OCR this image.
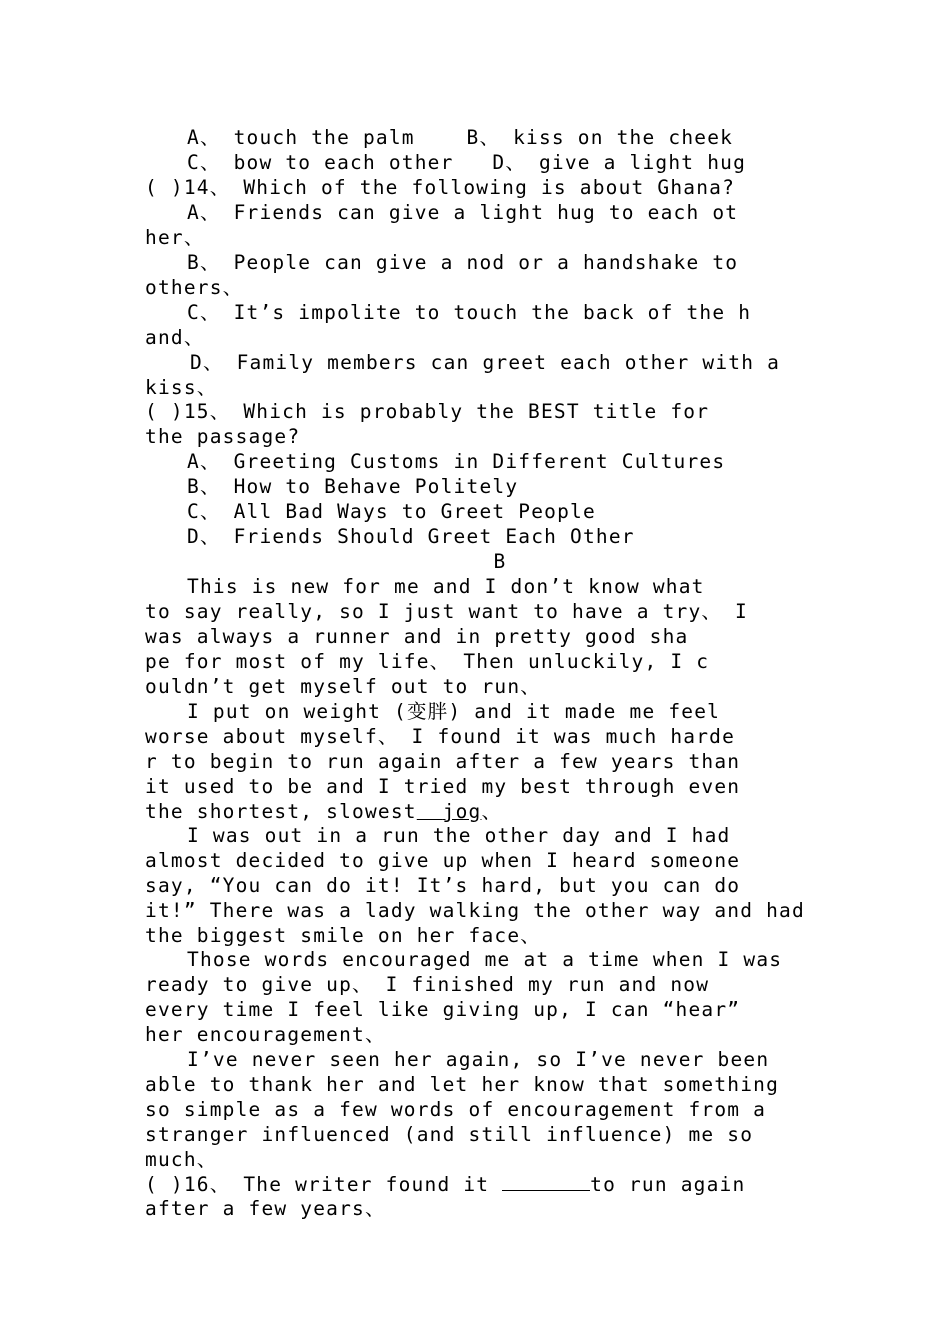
A、 touch the palm	B、 kiss on the cheek
C、 bow to each other D、 give a light hug
( )14、 Which of the following is about Ghana?
A、 Friends can give a light hug to each ot
her、
B、 People can give a nod or a handshake to
others、
C、 It’s impolite to touch the back of the h
and、
D、 Family members can greet each other with a
kiss、
( )15、 Which is probably the BEST title for
the passage?
A、 Greeting Customs in Different Cultures
B、 How to Behave Politely
C、 All Bad Ways to Greet People
D、 Friends Should Greet Each Other
B
This is new for me and I don’t know what
to say really, so I just want to have a try、 I
was always a runner and in pretty good sha
pe for most of my life、 Then unluckily, I c
ouldn’t get myself out to run、
I put on weight (变胖) and it made me feel
worse about myself、 I found it was much harde
r to begin to run again after a few years than
it used to be and I tried my best through even
the shortest, slowest jog、
I was out in a run the other day and I had
almost decided to give up when I heard someone
say, “You can do it! It’s hard, but you can do
it!” There was a lady walking the other way and had
the biggest smile on her face、
Those words encouraged me at a time when I was
ready to give up、 I finished my run and now
every time I feel like giving up, I can “hear”
her encouragement、
I’ve never seen her again, so I’ve never been
able to thank her and let her know that something
so simple as a few words of encouragement from a
stranger influenced (and still influence) me so
much、
( )16、 The writer found it	to run again
after a few years、
